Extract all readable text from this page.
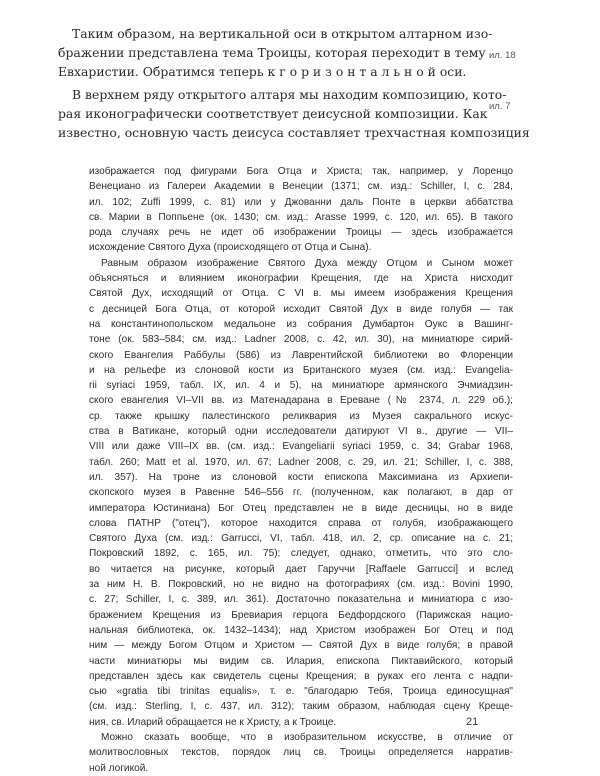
Таким образом, на вертикальной оси в открытом алтарном изо-
бражении представлена тема Троицы, которая переходит в тему
Евхаристии. Обратимся теперь к г о р и з о н т а л ь н о й оси.
В верхнем ряду открытого алтаря мы находим композицию, кото-
рая иконографически соответствует деисусной композиции. Как
известно, основную часть деисуса составляет трехчастная композиция
ил. 18
ил. 7
изображается под фигурами Бога Отца и Христа; так, например, у Лоренцо
Венециано из Галереи Академии в Венеции (1371; см. изд.: Schiller, I, с. 284,
ил. 102; Zuffi 1999, с. 81) или у Джованни даль Понте в церкви аббатства
св. Марии в Поппьене (ок. 1430; см. изд.: Arasse 1999, с. 120, ил. 65). В такого
рода случаях речь не идет об изображении Троицы — здесь изображается
исхождение Святого Духа (происходящего от Отца и Сына).
Равным образом изображение Святого Духа между Отцом и Сыном может
объясняться и влиянием иконографии Крещения, где на Христа нисходит
Святой Дух, исходящий от Отца. С VI в. мы имеем изображения Крещения
с десницей Бога Отца, от которой исходит Святой Дух в виде голубя — так
на константинопольском медальоне из собрания Думбартон Оукс в Вашинг-
тоне (ок. 583–584; см. изд.: Ladner 2008, с. 42, ил. 30), на миниатюре сирий-
ского Евангелия Раббулы (586) из Лаврентийской библиотеки во Флоренции
и на рельефе из слоновой кости из Британского музея (см. изд.: Evangelia-
rii syriaci 1959, табл. IX, ил. 4 и 5), на миниатюре армянского Эчмиадзин-
ского евангелия VI–VII вв. из Матенадарана в Ереване (№ 2374, л. 229 об.);
ср. также крышку палестинского реликвария из Музея сакрального искус-
ства в Ватикане, который одни исследователи датируют VI в., другие — VII–
VIII или даже VIII–IX вв. (см. изд.: Evangeliarii syriaci 1959, с. 34; Grabar 1968,
табл. 260; Matt et al. 1970, ил. 67; Ladner 2008, с. 29, ил. 21; Schiller, I, с. 388,
ил. 357). На троне из слоновой кости епископа Максимиана из Архиепи-
скопского музея в Равенне 546–556 гг. (полученном, как полагают, в дар от
императора Юстиниана) Бог Отец представлен не в виде десницы, но в виде
слова ПАТНР ("отец"), которое находится справа от голубя, изображающего
Святого Духа (см. изд.: Garrucci, VI, табл. 418, ил. 2, ср. описание на с. 21;
Покровский 1892, с. 165, ил. 75); следует, однако, отметить, что это сло-
во читается на рисунке, который дает Гаруччи [Raffaele Garrucci] и вслед
за ним Н. В. Покровский, но не видно на фотографиях (см. изд.: Bovini 1990,
с. 27; Schiller, I, с. 389, ил. 361). Достаточно показательна и миниатюра с изо-
бражением Крещения из Бревиария герцога Бедфордского (Парижская нацио-
нальная библиотека, ок. 1432–1434); над Христом изображен Бог Отец и под
ним — между Богом Отцом и Христом — Святой Дух в виде голубя; в правой
части миниатюры мы видим св. Илария, епископа Пиктавийского, который
представлен здесь как свидетель сцены Крещения; в руках его лента с надпи-
сью «gratia tibi trinitas equalis», т. е. "благодарю Тебя, Троица единосущная"
(см. изд.: Sterling, I, с. 437, ил. 312); таким образом, наблюдая сцену Креще-
ния, св. Иларий обращается не к Христу, а к Троице.
Можно сказать вообще, что в изобразительном искусстве, в отличие от
молитвословных текстов, порядок лиц св. Троицы определяется нарратив-
ной логикой.
21
